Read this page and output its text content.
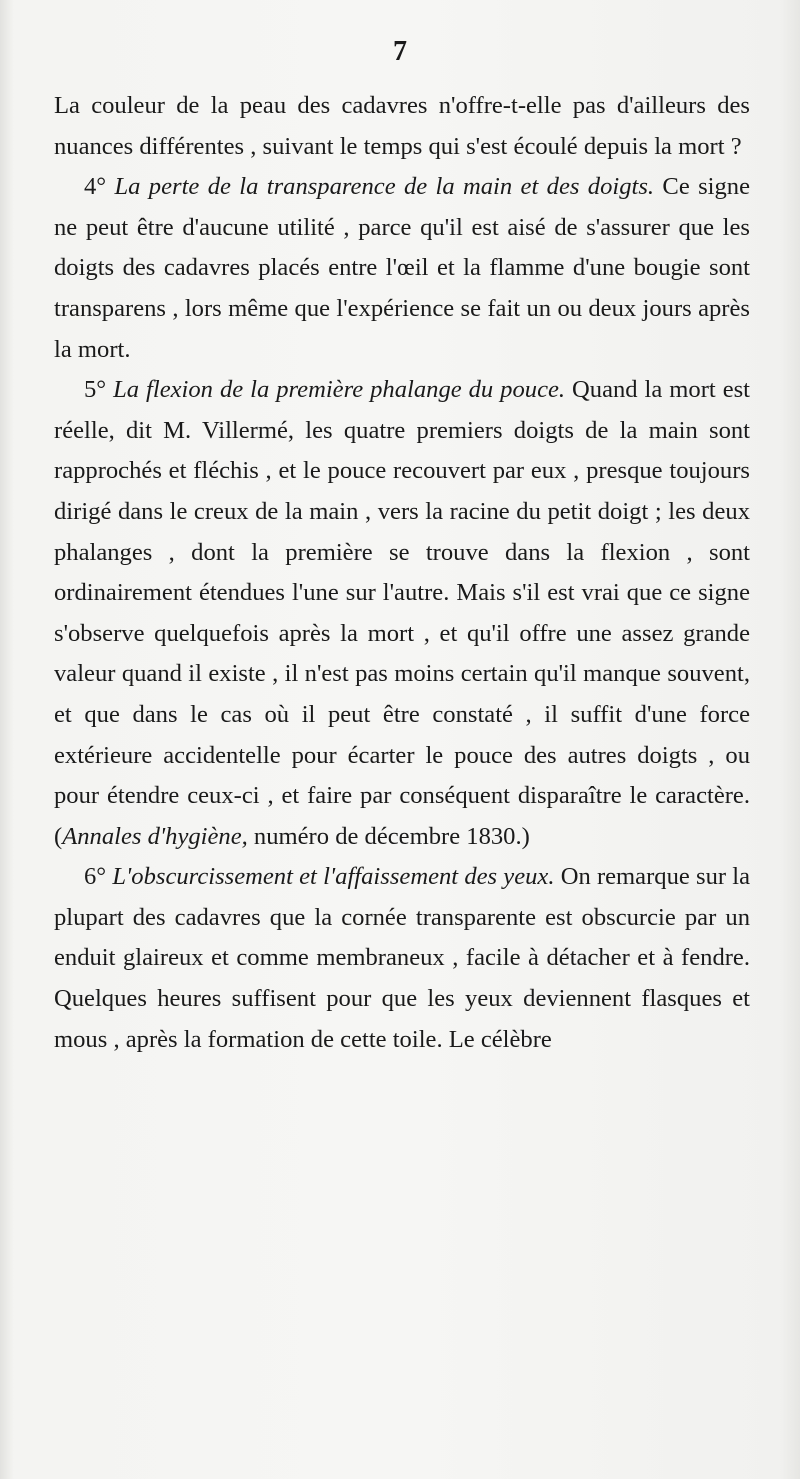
7

La couleur de la peau des cadavres n'offre-t-elle pas d'ailleurs des nuances différentes , suivant le temps qui s'est écoulé depuis la mort ?

4° La perte de la transparence de la main et des doigts. Ce signe ne peut être d'aucune utilité , parce qu'il est aisé de s'assurer que les doigts des cadavres placés entre l'œil et la flamme d'une bougie sont transparens , lors même que l'expérience se fait un ou deux jours après la mort.

5° La flexion de la première phalange du pouce. Quand la mort est réelle, dit M. Villermé, les quatre premiers doigts de la main sont rapprochés et fléchis , et le pouce recouvert par eux , presque toujours dirigé dans le creux de la main , vers la racine du petit doigt ; les deux phalanges , dont la première se trouve dans la flexion , sont ordinairement étendues l'une sur l'autre. Mais s'il est vrai que ce signe s'observe quelquefois après la mort , et qu'il offre une assez grande valeur quand il existe , il n'est pas moins certain qu'il manque souvent, et que dans le cas où il peut être constaté , il suffit d'une force extérieure accidentelle pour écarter le pouce des autres doigts , ou pour étendre ceux-ci , et faire par conséquent disparaître le caractère. (Annales d'hygiène, numéro de décembre 1830.)

6° L'obscurcissement et l'affaissement des yeux. On remarque sur la plupart des cadavres que la cornée transparente est obscurcie par un enduit glaireux et comme membraneux , facile à détacher et à fendre. Quelques heures suffisent pour que les yeux deviennent flasques et mous , après la formation de cette toile. Le célèbre
